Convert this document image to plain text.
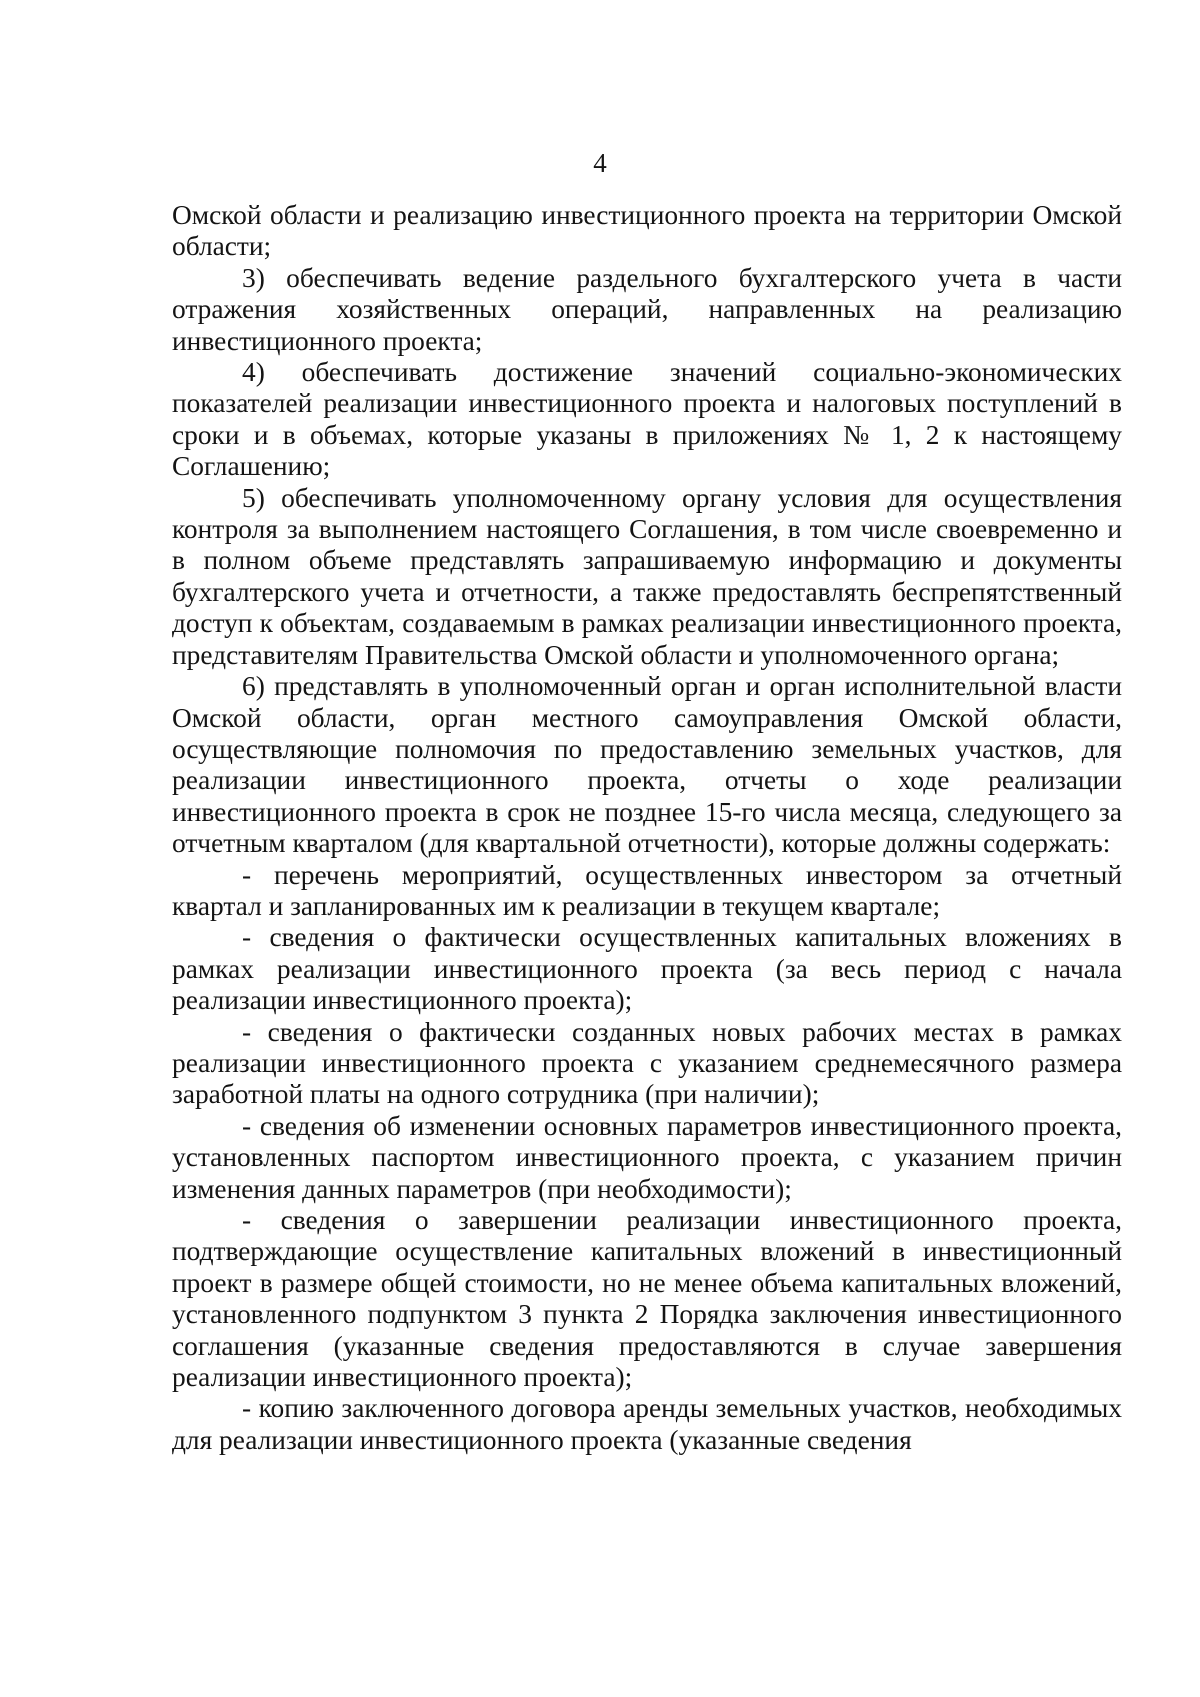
4

Омской области и реализацию инвестиционного проекта на территории Омской области;

3) обеспечивать ведение раздельного бухгалтерского учета в части отражения хозяйственных операций, направленных на реализацию инвестиционного проекта;

4) обеспечивать достижение значений социально-экономических показателей реализации инвестиционного проекта и налоговых поступлений в сроки и в объемах, которые указаны в приложениях № 1, 2 к настоящему Соглашению;

5) обеспечивать уполномоченному органу условия для осуществления контроля за выполнением настоящего Соглашения, в том числе своевременно и в полном объеме представлять запрашиваемую информацию и документы бухгалтерского учета и отчетности, а также предоставлять беспрепятственный доступ к объектам, создаваемым в рамках реализации инвестиционного проекта, представителям Правительства Омской области и уполномоченного органа;

6) представлять в уполномоченный орган и орган исполнительной власти Омской области, орган местного самоуправления Омской области, осуществляющие полномочия по предоставлению земельных участков, для реализации инвестиционного проекта, отчеты о ходе реализации инвестиционного проекта в срок не позднее 15-го числа месяца, следующего за отчетным кварталом (для квартальной отчетности), которые должны содержать:

- перечень мероприятий, осуществленных инвестором за отчетный квартал и запланированных им к реализации в текущем квартале;

- сведения о фактически осуществленных капитальных вложениях в рамках реализации инвестиционного проекта (за весь период с начала реализации инвестиционного проекта);

- сведения о фактически созданных новых рабочих местах в рамках реализации инвестиционного проекта с указанием среднемесячного размера заработной платы на одного сотрудника (при наличии);

- сведения об изменении основных параметров инвестиционного проекта, установленных паспортом инвестиционного проекта, с указанием причин изменения данных параметров (при необходимости);

- сведения о завершении реализации инвестиционного проекта, подтверждающие осуществление капитальных вложений в инвестиционный проект в размере общей стоимости, но не менее объема капитальных вложений, установленного подпунктом 3 пункта 2 Порядка заключения инвестиционного соглашения (указанные сведения предоставляются в случае завершения реализации инвестиционного проекта);

- копию заключенного договора аренды земельных участков, необходимых для реализации инвестиционного проекта (указанные сведения
